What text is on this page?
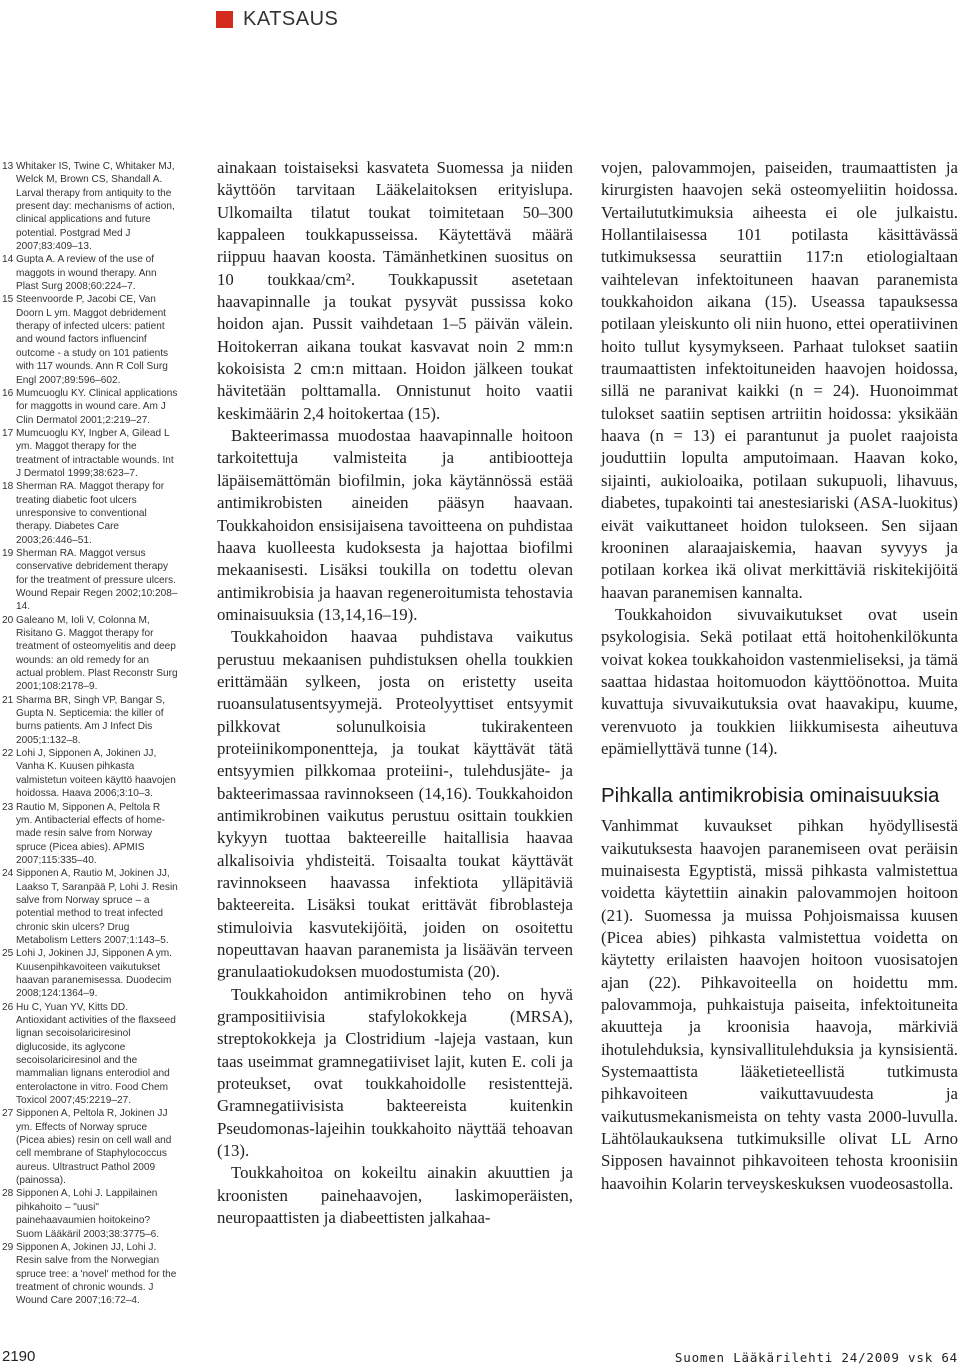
KATSAUS

13 Whitaker IS, Twine C, Whitaker MJ, Welck M, Brown CS, Shandall A. Larval therapy from antiquity to the present day: mechanisms of action, clinical applications and future potential. Postgrad Med J 2007;83:409–13.

14 Gupta A. A review of the use of maggots in wound therapy. Ann Plast Surg 2008;60:224–7.

15 Steenvoorde P, Jacobi CE, Van Doorn L ym. Maggot debridement therapy of infected ulcers: patient and wound factors influencinf outcome - a study on 101 patients with 117 wounds. Ann R Coll Surg Engl 2007;89:596–602.

16 Mumcuoglu KY. Clinical applications for maggotts in wound care. Am J Clin Dermatol 2001;2:219–27.

17 Mumcuoglu KY, Ingber A, Gilead L ym. Maggot therapy for the treatment of intractable wounds. Int J Dermatol 1999;38:623–7.

18 Sherman RA. Maggot therapy for treating diabetic foot ulcers unresponsive to conventional therapy. Diabetes Care 2003;26:446–51.

19 Sherman RA. Maggot versus conservative debridement therapy for the treatment of pressure ulcers. Wound Repair Regen 2002;10:208–14.

20 Galeano M, Ioli V, Colonna M, Risitano G. Maggot therapy for treatment of osteomyelitis and deep wounds: an old remedy for an actual problem. Plast Reconstr Surg 2001;108:2178–9.

21 Sharma BR, Singh VP, Bangar S, Gupta N. Septicemia: the killer of burns patients. Am J Infect Dis 2005;1:132–8.

22 Lohi J, Sipponen A, Jokinen JJ, Vanha K. Kuusen pihkasta valmistetun voiteen käyttö haavojen hoidossa. Haava 2006;3:10–3.

23 Rautio M, Sipponen A, Peltola R ym. Antibacterial effects of home-made resin salve from Norway spruce (Picea abies). APMIS 2007;115:335–40.

24 Sipponen A, Rautio M, Jokinen JJ, Laakso T, Saranpää P, Lohi J. Resin salve from Norway spruce – a potential method to treat infected chronic skin ulcers? Drug Metabolism Letters 2007;1:143–5.

25 Lohi J, Jokinen JJ, Sipponen A ym. Kuusenpihkavoiteen vaikutukset haavan paranemisessa. Duodecim 2008;124:1364–9.

26 Hu C, Yuan YV, Kitts DD. Antioxidant activities of the flaxseed lignan secoisolariciresinol diglucoside, its aglycone secoisolariciresinol and the mammalian lignans enterodiol and enterolactone in vitro. Food Chem Toxicol 2007;45:2219–27.

27 Sipponen A, Peltola R, Jokinen JJ ym. Effects of Norway spruce (Picea abies) resin on cell wall and cell membrane of Staphylococcus aureus. Ultrastruct Pathol 2009 (painossa).

28 Sipponen A, Lohi J. Lappilainen pihkahoito – "uusi" painehaavaumien hoitokeino? Suom Lääkäril 2003;38:3775–6.

29 Sipponen A, Jokinen JJ, Lohi J. Resin salve from the Norwegian spruce tree: a 'novel' method for the treatment of chronic wounds. J Wound Care 2007;16:72–4.

ainakaan toistaiseksi kasvateta Suomessa ja niiden käyttöön tarvitaan Lääkelaitoksen erityislupa. Ulkomailta tilatut toukat toimitetaan 50–300 kappaleen toukkapusseissa. Käytettävä määrä riippuu haavan koosta. Tämänhetkinen suositus on 10 toukkaa/cm². Toukkapussit asetetaan haavapinnalle ja toukat pysyvät pussissa koko hoidon ajan. Pussit vaihdetaan 1–5 päivän välein. Hoitokerran aikana toukat kasvavat noin 2 mm:n kokoisista 2 cm:n mittaan. Hoidon jälkeen toukat hävitetään polttamalla. Onnistunut hoito vaatii keskimäärin 2,4 hoitokertaa (15).

Bakteerimassa muodostaa haavapinnalle hoitoon tarkoitettuja valmisteita ja antibiootteja läpäisemättömän biofilmin, joka käytännössä estää antimikrobisten aineiden pääsyn haavaan. Toukkahoidon ensisijaisena tavoitteena on puhdistaa haava kuolleesta kudoksesta ja hajottaa biofilmi mekaanisesti. Lisäksi toukilla on todettu olevan antimikrobisia ja haavan regeneroitumista tehostavia ominaisuuksia (13,14,16–19).

Toukkahoidon haavaa puhdistava vaikutus perustuu mekaanisen puhdistuksen ohella toukkien erittämään sylkeen, josta on eristetty useita ruoansulatusentsyymejä. Proteolyyttiset entsyymit pilkkovat solunulkoisia tukirakenteen proteiinikomponentteja, ja toukat käyttävät tätä entsyymien pilkkomaa proteiini-, tulehdusjäte- ja bakteerimassaa ravinnokseen (14,16). Toukkahoidon antimikrobinen vaikutus perustuu osittain toukkien kykyyn tuottaa bakteereille haitallisia haavaa alkalisoivia yhdisteitä. Toisaalta toukat käyttävät ravinnokseen haavassa infektiota ylläpitäviä bakteereita. Lisäksi toukat erittävät fibroblasteja stimuloivia kasvutekijöitä, joiden on osoitettu nopeuttavan haavan paranemista ja lisäävän terveen granulaatiokudoksen muodostumista (20).

Toukkahoidon antimikrobinen teho on hyvä grampositiivisia stafylokokkeja (MRSA), streptokokkeja ja Clostridium -lajeja vastaan, kun taas useimmat gramnegatiiviset lajit, kuten E. coli ja proteukset, ovat toukkahoidolle resistenttejä. Gramnegatiivisista bakteereista kuitenkin Pseudomonas-lajeihin toukkahoito näyttää tehoavan (13).

Toukkahoitoa on kokeiltu ainakin akuuttien ja kroonisten painehaavojen, laskimoperäisten, neuropaattisten ja diabeettisten jalkahaa-

vojen, palovammojen, paiseiden, traumaattisten ja kirurgisten haavojen sekä osteomyeliitin hoidossa. Vertailututkimuksia aiheesta ei ole julkaistu. Hollantilaisessa 101 potilasta käsittävässä tutkimuksessa seurattiin 117:n etiologialtaan vaihtelevan infektoituneen haavan paranemista toukkahoidon aikana (15). Useassa tapauksessa potilaan yleiskunto oli niin huono, ettei operatiivinen hoito tullut kysymykseen. Parhaat tulokset saatiin traumaattisten infektoituneiden haavojen hoidossa, sillä ne paranivat kaikki (n = 24). Huonoimmat tulokset saatiin septisen artriitin hoidossa: yksikään haava (n = 13) ei parantunut ja puolet raajoista jouduttiin lopulta amputoimaan. Haavan koko, sijainti, aukioloaika, potilaan sukupuoli, lihavuus, diabetes, tupakointi tai anestesiariski (ASA-luokitus) eivät vaikuttaneet hoidon tulokseen. Sen sijaan krooninen alaraajaiskemia, haavan syvyys ja potilaan korkea ikä olivat merkittäviä riskitekijöitä haavan paranemisen kannalta.

Toukkahoidon sivuvaikutukset ovat usein psykologisia. Sekä potilaat että hoitohenkilökunta voivat kokea toukkahoidon vastenmieliseksi, ja tämä saattaa hidastaa hoitomuodon käyttöönottoa. Muita kuvattuja sivuvaikutuksia ovat haavakipu, kuume, verenvuoto ja toukkien liikkumisesta aiheutuva epämiellyttävä tunne (14).

Pihkalla antimikrobisia ominaisuuksia

Vanhimmat kuvaukset pihkan hyödyllisestä vaikutuksesta haavojen paranemiseen ovat peräisin muinaisesta Egyptistä, missä pihkasta valmistettua voidetta käytettiin ainakin palovammojen hoitoon (21). Suomessa ja muissa Pohjoismaissa kuusen (Picea abies) pihkasta valmistettua voidetta on käytetty erilaisten haavojen hoitoon vuosisatojen ajan (22). Pihkavoiteella on hoidettu mm. palovammoja, puhkaistuja paiseita, infektoituneita akuutteja ja kroonisia haavoja, märkiviä ihotulehduksia, kynsivallitulehduksia ja kynsisientä. Systemaattista lääketieteellistä tutkimusta pihkavoiteen vaikuttavuudesta ja vaikutusmekanismeista on tehty vasta 2000-luvulla. Lähtölaukauksena tutkimuksille olivat LL Arno Sipposen havainnot pihkavoiteen tehosta kroonisiin haavoihin Kolarin terveyskeskuksen vuodeosastolla.

2190	Suomen Lääkärilehti 24/2009 vsk 64
